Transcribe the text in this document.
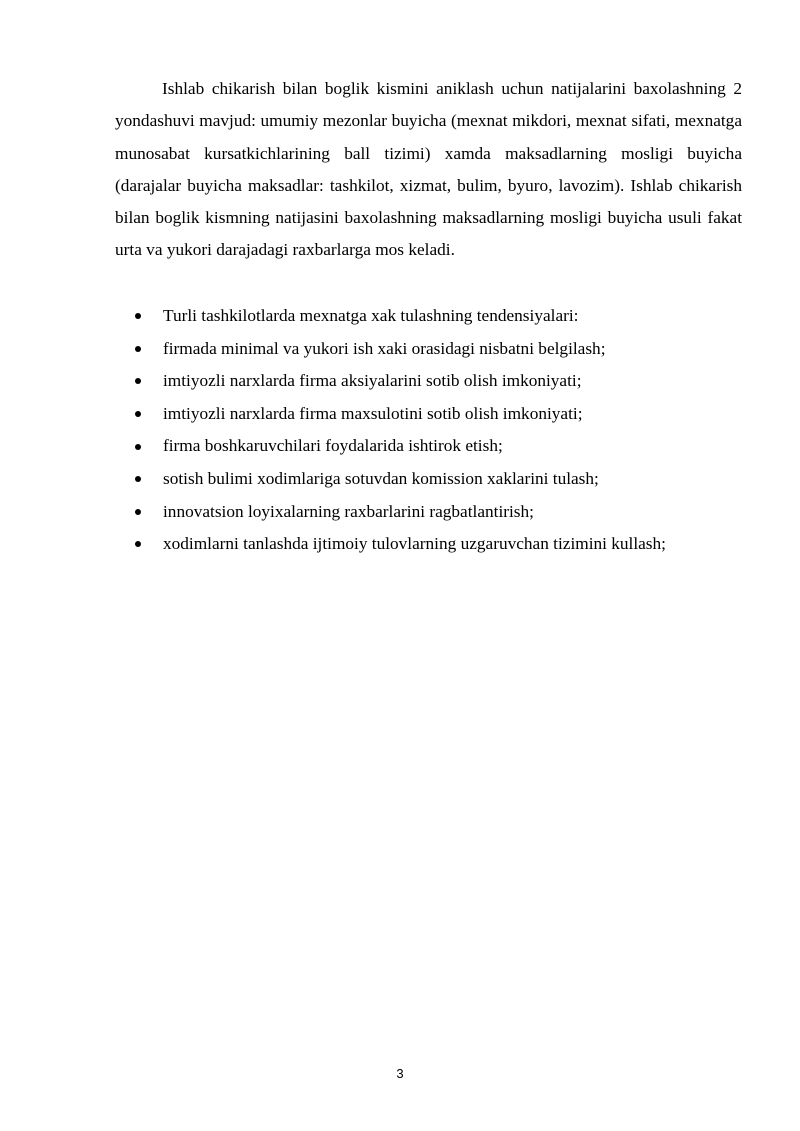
Ishlab chikarish bilan boglik kismini aniklash uchun natijalarini baxolashning 2 yondashuvi mavjud: umumiy mezonlar buyicha (mexnat mikdori, mexnat sifati, mexnatga munosabat kursatkichlarining ball tizimi) xamda maksadlarning mosligi buyicha (darajalar buyicha maksadlar: tashkilot, xizmat, bulim, byuro, lavozim). Ishlab chikarish bilan boglik kismning natijasini baxolashning maksadlarning mosligi buyicha usuli fakat urta va yukori darajadagi raxbarlarga mos keladi.

Turli tashkilotlarda mexnatga xak tulashning tendensiyalari:
firmada minimal va yukori ish xaki orasidagi nisbatni belgilash;
imtiyozli narxlarda firma aksiyalarini sotib olish imkoniyati;
imtiyozli narxlarda firma maxsulotini sotib olish imkoniyati;
firma boshkaruvchilari foydalarida ishtirok etish;
sotish bulimi xodimlariga sotuvdan komission xaklarini tulash;
innovatsion loyixalarning raxbarlarini ragbatlantirish;
xodimlarni tanlashda ijtimoiy tulovlarning uzgaruvchan tizimini kullash;
3
